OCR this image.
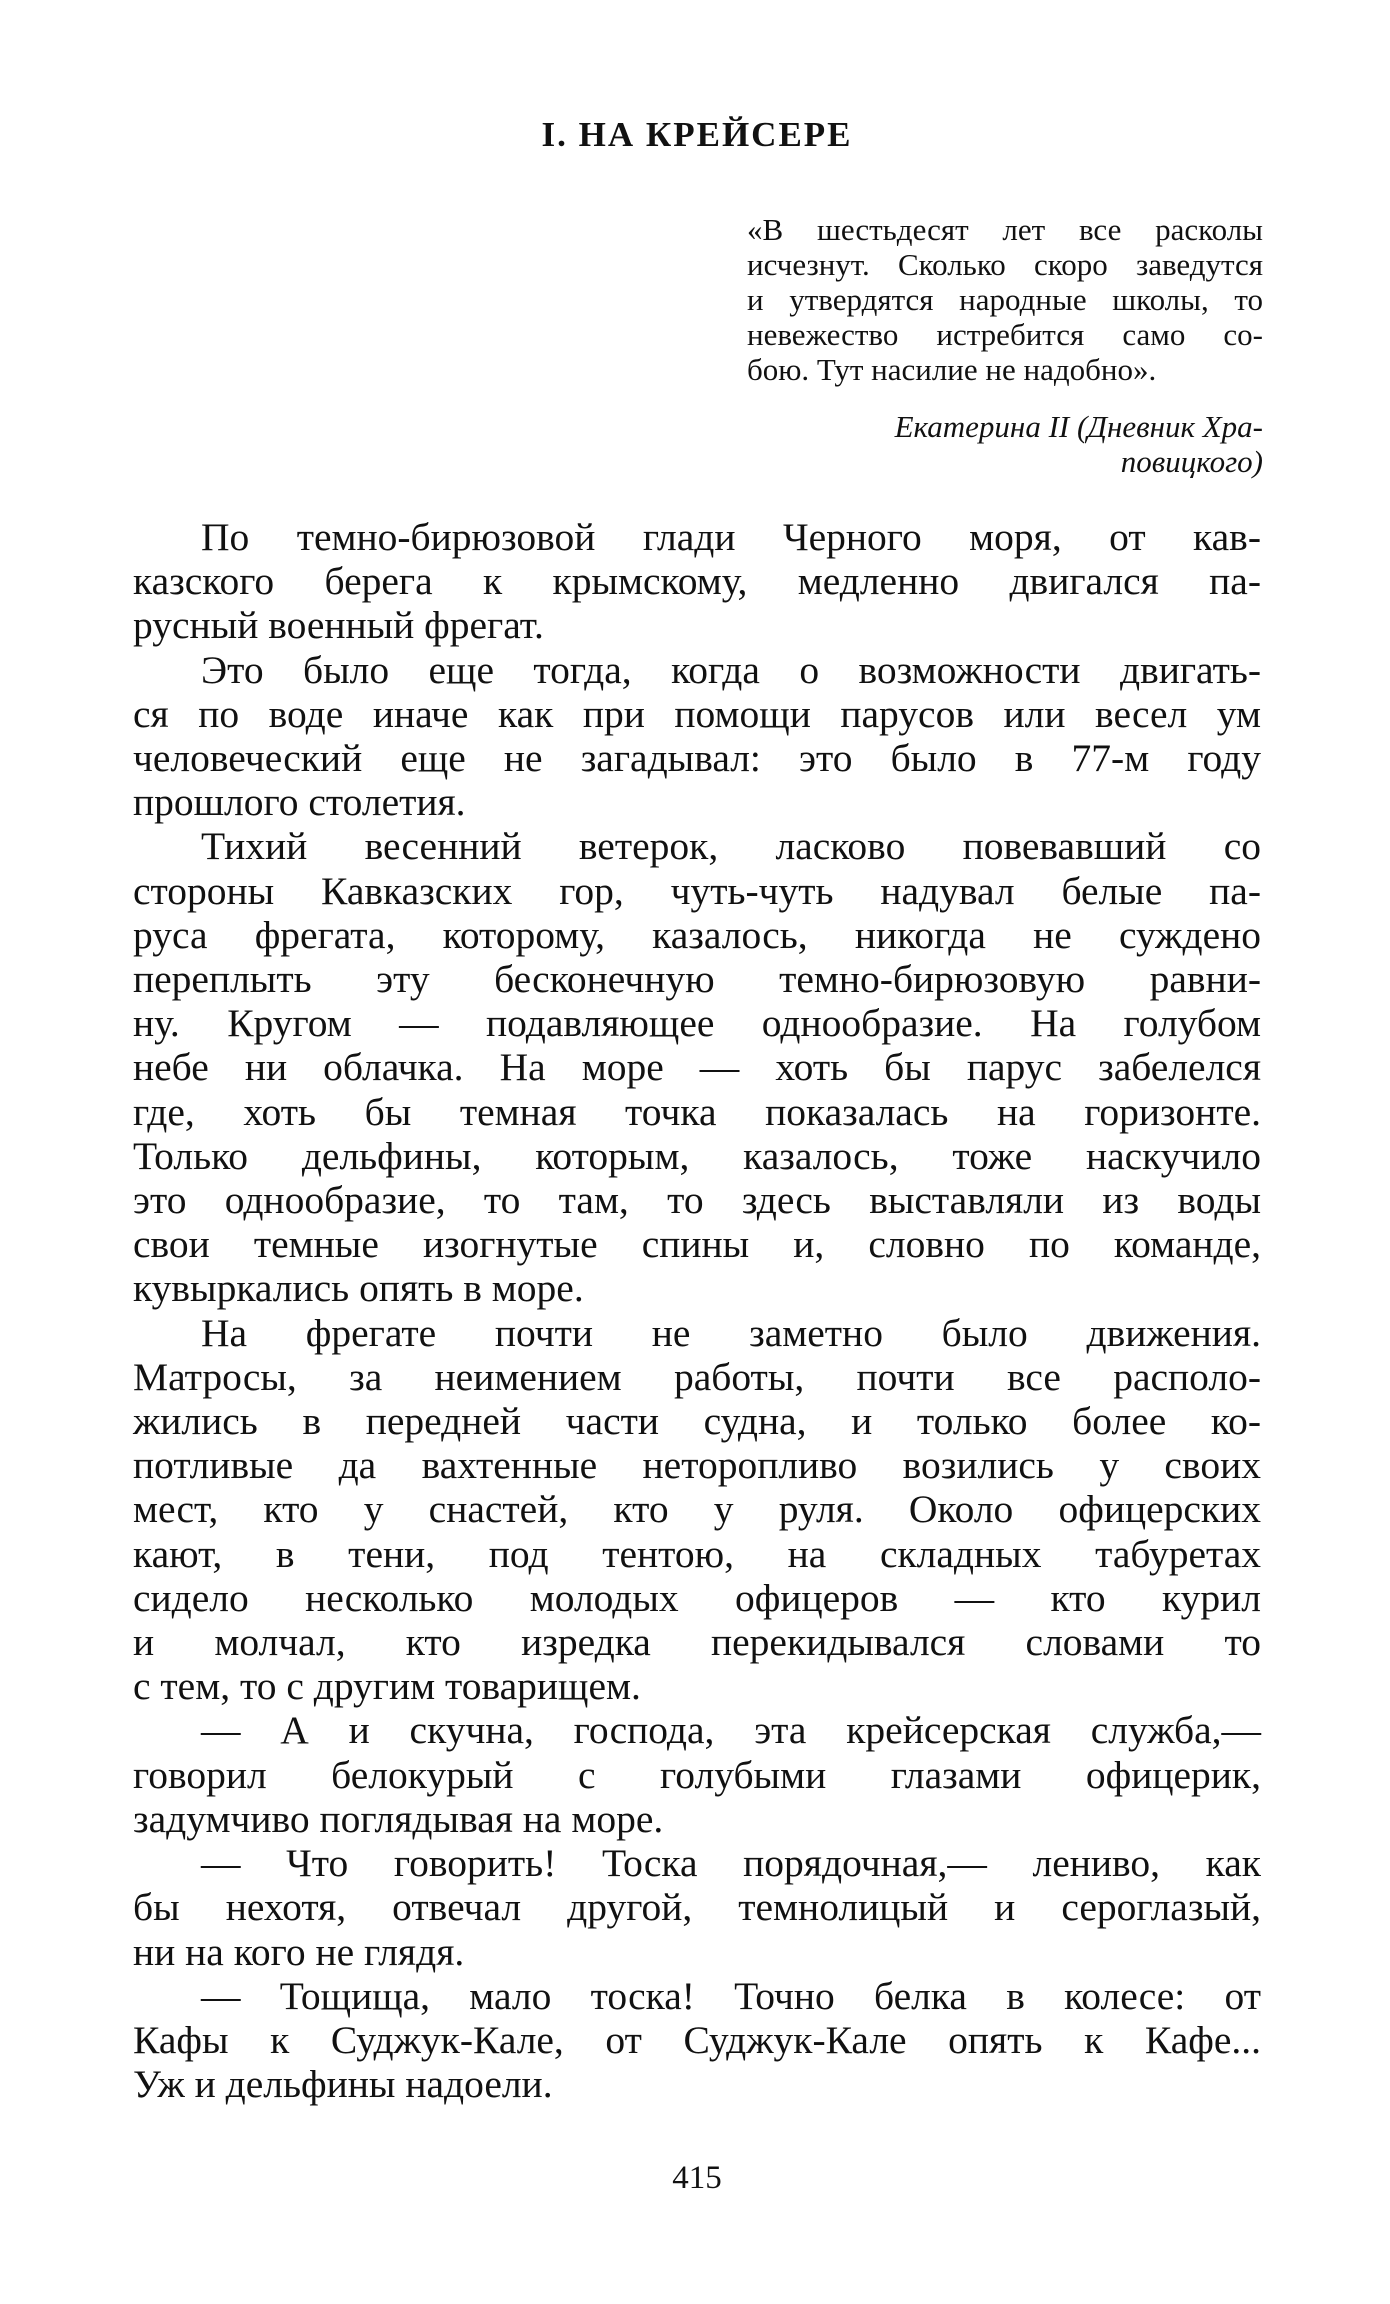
I. НА КРЕЙСЕРЕ

«В шестьдесят лет все расколы
исчезнут. Сколько скоро заведутся
и утвердятся народные школы, то
невежество истребится само со-
бою. Тут насилие не надобно».

Екатерина II (Дневник Хра-
повицкого)

По темно-бирюзовой глади Черного моря, от кав-
казского берега к крымскому, медленно двигался па-
русный военный фрегат.

Это было еще тогда, когда о возможности двигать-
ся по воде иначе как при помощи парусов или весел ум
человеческий еще не загадывал: это было в 77-м году
прошлого столетия.

Тихий весенний ветерок, ласково повевавший со
стороны Кавказских гор, чуть-чуть надувал белые па-
руса фрегата, которому, казалось, никогда не суждено
переплыть эту бесконечную темно-бирюзовую равни-
ну. Кругом — подавляющее однообразие. На голубом
небе ни облачка. На море — хоть бы парус забелелся
где, хоть бы темная точка показалась на горизонте.
Только дельфины, которым, казалось, тоже наскучило
это однообразие, то там, то здесь выставляли из воды
свои темные изогнутые спины и, словно по команде,
кувыркались опять в море.

На фрегате почти не заметно было движения.
Матросы, за неимением работы, почти все располо-
жились в передней части судна, и только более ко-
потливые да вахтенные неторопливо возились у своих
мест, кто у снастей, кто у руля. Около офицерских
кают, в тени, под тентою, на складных табуретах
сидело несколько молодых офицеров — кто курил
и молчал, кто изредка перекидывался словами то
с тем, то с другим товарищем.

— А и скучна, господа, эта крейсерская служба,—
говорил белокурый с голубыми глазами офицерик,
задумчиво поглядывая на море.

— Что говорить! Тоска порядочная,— лениво, как
бы нехотя, отвечал другой, темнолицый и сероглазый,
ни на кого не глядя.

— Тощища, мало тоска! Точно белка в колесе: от
Кафы к Суджук-Кале, от Суджук-Кале опять к Кафе...
Уж и дельфины надоели.

415
